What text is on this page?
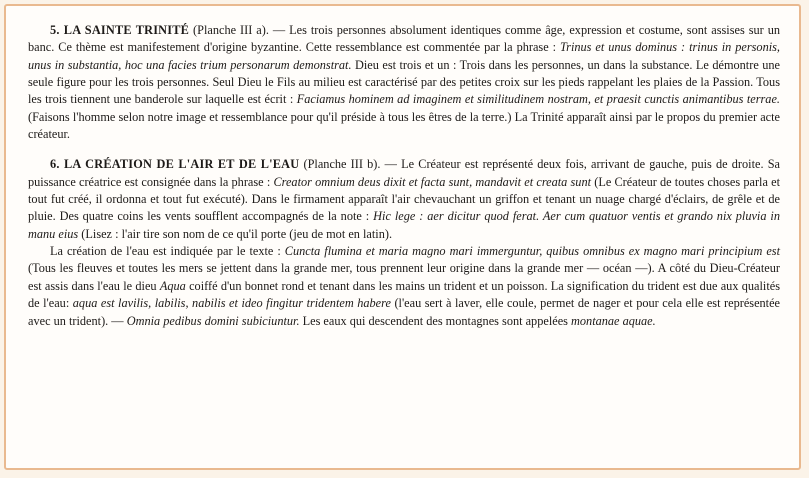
5. LA SAINTE TRINITÉ (Planche III a). — Les trois personnes absolument identiques comme âge, expression et costume, sont assises sur un banc. Ce thème est manifestement d'origine byzantine. Cette ressemblance est commentée par la phrase : Trinus et unus dominus : trinus in personis, unus in substantia, hoc una facies trium personarum demonstrat. Dieu est trois et un : Trois dans les personnes, un dans la substance. Le démontre une seule figure pour les trois personnes. Seul Dieu le Fils au milieu est caractérisé par des petites croix sur les pieds rappelant les plaies de la Passion. Tous les trois tiennent une banderole sur laquelle est écrit : Faciamus hominem ad imaginem et similitudinem nostram, et praesit cunctis animantibus terrae. (Faisons l'homme selon notre image et ressemblance pour qu'il préside à tous les êtres de la terre.) La Trinité apparaît ainsi par le propos du premier acte créateur.

6. LA CRÉATION DE L'AIR ET DE L'EAU (Planche III b). — Le Créateur est représenté deux fois, arrivant de gauche, puis de droite. Sa puissance créatrice est consignée dans la phrase : Creator omnium deus dixit et facta sunt, mandavit et creata sunt (Le Créateur de toutes choses parla et tout fut créé, il ordonna et tout fut exécuté). Dans le firmament apparaît l'air chevauchant un griffon et tenant un nuage chargé d'éclairs, de grêle et de pluie. Des quatre coins les vents soufflent accompagnés de la note : Hic lege : aer dicitur quod ferat. Aer cum quatuor ventis et grando nix pluvia in manu eius (Lisez : l'air tire son nom de ce qu'il porte (jeu de mot en latin).

La création de l'eau est indiquée par le texte : Cuncta flumina et maria magno mari immerguntur, quibus omnibus ex magno mari principium est (Tous les fleuves et toutes les mers se jettent dans la grande mer, tous prennent leur origine dans la grande mer — océan —). A côté du Dieu-Créateur est assis dans l'eau le dieu Aqua coiffé d'un bonnet rond et tenant dans les mains un trident et un poisson. La signification du trident est due aux qualités de l'eau: aqua est lavilis, labilis, nabilis et ideo fingitur tridentem habere (l'eau sert à laver, elle coule, permet de nager et pour cela elle est représentée avec un trident). — Omnia pedibus domini subiciuntur. Les eaux qui descendent des montagnes sont appelées montanae aquae.
